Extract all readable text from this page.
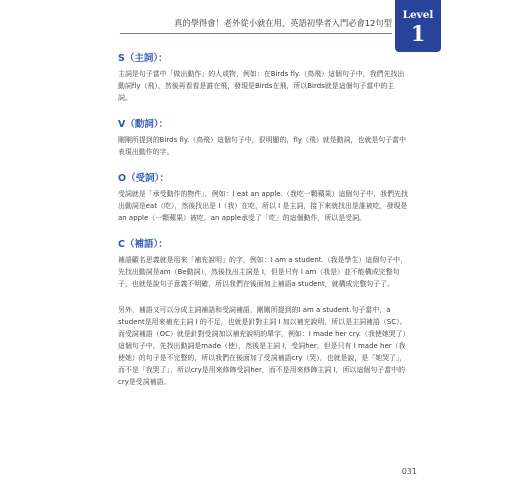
真的學得會！老外從小就在用，英語初學者入門必會12句型
Level
1
S（主詞）：

主詞是句子當中「做出動作」的人或物，例如：在Birds fly.（鳥飛）這個句子中，我們先找出動詞fly（飛），然後再看看是誰在飛，發現是Birds在飛，所以Birds就是這個句子當中的主詞。

V（動詞）：

剛剛所提到的Birds fly.（鳥飛）這個句子中，很明顯的，fly（飛）就是動詞，也就是句子當中表現出動作的字。

O（受詞）：

受詞就是「承受動作的物件」，例如：I eat an apple.（我吃一顆蘋果）這個句子中，我們先找出動詞是eat（吃），然後找出是 I（我）在吃，所以 I 是主詞，接下來就找出是誰被吃，發現是an apple（一顆蘋果）被吃，an apple承受了「吃」的這個動作，所以是受詞。

C（補語）：

補語顧名思義就是用來「補充說明」的字，例如：I am a student.（我是學生）這個句子中，先找出動詞是am（Be動詞），然後找出主詞是 I，但是只有 I am（我是）並不能構成完整句子，也就是說句子意義不明確，所以我們在後面加上補語a student，就構成完整句子了。

另外，補語又可以分成主詞補語和受詞補語，剛剛所提到的I am a student.句子當中，a student是用來補充主詞 I 的不足，也就是針對主詞 I 加以補充說明，所以是主詞補語（SC）。而受詞補語（OC）就是針對受詞加以補充說明的單字，例如：I made her cry.（我使她哭了）這個句子中，先找出動詞是made（使），然後是主詞 I，受詞her，但是只有 I made her（我使她）的句子是不完整的，所以我們在後面加了受詞補語cry（哭），也就是說，是「她哭了」，而不是「我哭了」，所以cry是用來修飾受詞her，而不是用來修飾主詞 I，所以這個句子當中的cry是受詞補語。

031
